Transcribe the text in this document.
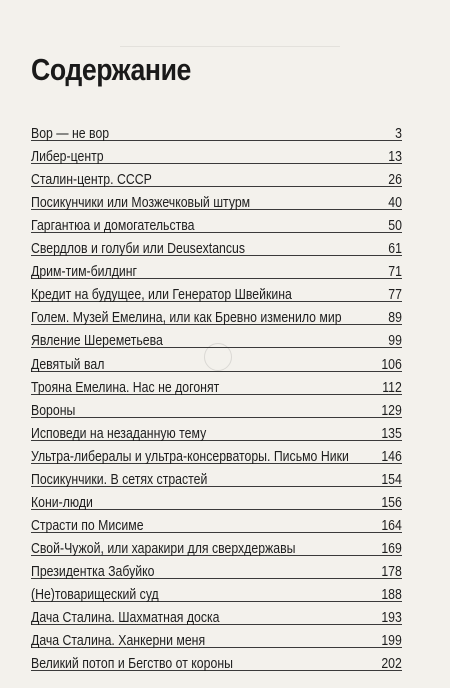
Содержание
Вор — не вор	3
Либер-центр	13
Сталин-центр. СССР	26
Посикунчики или Мозжечковый штурм	40
Гаргантюа и домогательства	50
Свердлов и голуби или Deusextancus	61
Дрим-тим-билдинг	71
Кредит на будущее, или Генератор Швейкина	77
Голем. Музей Емелина, или как Бревно изменило мир	89
Явление Шереметьева	99
Девятый вал	106
Трояна Емелина. Нас не догонят	112
Вороны	129
Исповеди на незаданную тему	135
Ультра-либералы и ультра-консерваторы. Письмо Ники 146
Посикунчики. В сетях страстей	154
Кони-люди	156
Страсти по Мисиме	164
Свой-Чужой, или харакири для сверхдержавы	169
Президентка Забуйко	178
(Не)товарищеский суд	188
Дача Сталина. Шахматная доска	193
Дача Сталина. Ханкерни меня	199
Великий потоп и Бегство от короны	202
